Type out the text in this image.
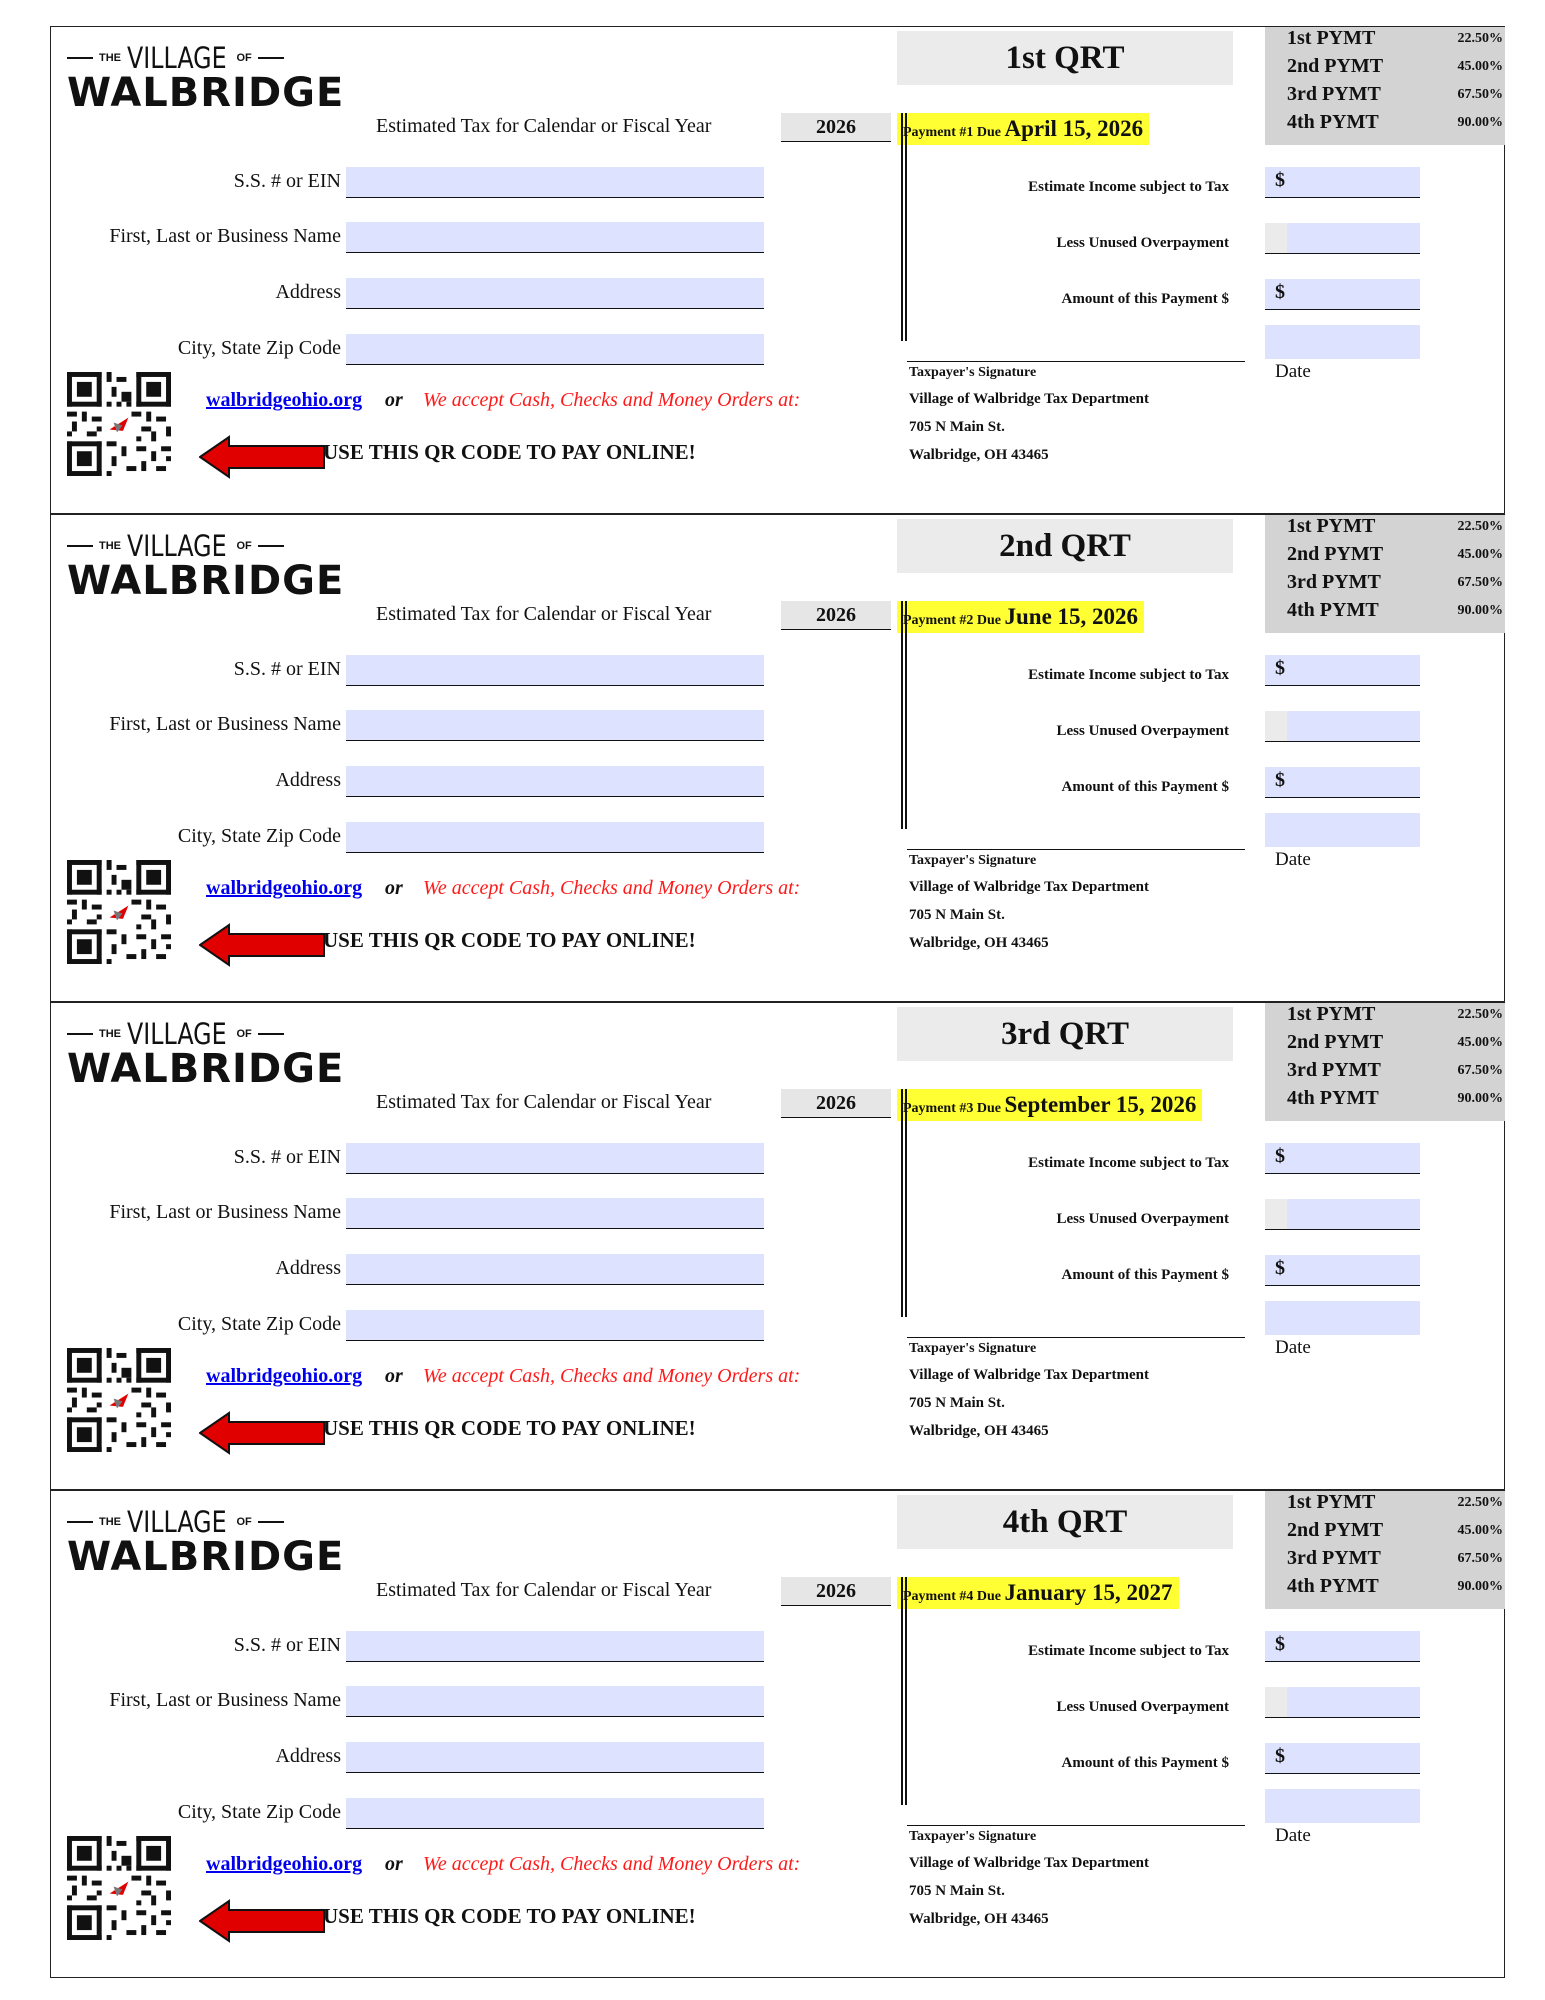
THE VILLAGE OF
WALBRIDGE
Estimated Tax for Calendar or Fiscal Year	2026
S.S. # or EIN
First, Last or Business Name
Address
City, State Zip Code
1st QRT
Payment #1 Due April 15, 2026
1st PYMT	22.50%
2nd PYMT	45.00%
3rd PYMT	67.50%
4th PYMT	90.00%
Estimate Income subject to Tax $
Less Unused Overpayment
Amount of this Payment $ $
Taxpayer's Signature	Date
Village of Walbridge Tax Department
705 N Main St.
Walbridge, OH 43465
walbridgeohio.org or We accept Cash, Checks and Money Orders at:
USE THIS QR CODE TO PAY ONLINE!
THE VILLAGE OF
WALBRIDGE
Estimated Tax for Calendar or Fiscal Year	2026
S.S. # or EIN
First, Last or Business Name
Address
City, State Zip Code
2nd QRT
Payment #2 Due June 15, 2026
1st PYMT	22.50%
2nd PYMT	45.00%
3rd PYMT	67.50%
4th PYMT	90.00%
Estimate Income subject to Tax $
Less Unused Overpayment
Amount of this Payment $ $
Taxpayer's Signature	Date
Village of Walbridge Tax Department
705 N Main St.
Walbridge, OH 43465
walbridgeohio.org or We accept Cash, Checks and Money Orders at:
USE THIS QR CODE TO PAY ONLINE!
THE VILLAGE OF
WALBRIDGE
Estimated Tax for Calendar or Fiscal Year	2026
S.S. # or EIN
First, Last or Business Name
Address
City, State Zip Code
3rd QRT
Payment #3 Due September 15, 2026
1st PYMT	22.50%
2nd PYMT	45.00%
3rd PYMT	67.50%
4th PYMT	90.00%
Estimate Income subject to Tax $
Less Unused Overpayment
Amount of this Payment $ $
Taxpayer's Signature	Date
Village of Walbridge Tax Department
705 N Main St.
Walbridge, OH 43465
walbridgeohio.org or We accept Cash, Checks and Money Orders at:
USE THIS QR CODE TO PAY ONLINE!
THE VILLAGE OF
WALBRIDGE
Estimated Tax for Calendar or Fiscal Year	2026
S.S. # or EIN
First, Last or Business Name
Address
City, State Zip Code
4th QRT
Payment #4 Due January 15, 2027
1st PYMT	22.50%
2nd PYMT	45.00%
3rd PYMT	67.50%
4th PYMT	90.00%
Estimate Income subject to Tax $
Less Unused Overpayment
Amount of this Payment $ $
Taxpayer's Signature	Date
Village of Walbridge Tax Department
705 N Main St.
Walbridge, OH 43465
walbridgeohio.org or We accept Cash, Checks and Money Orders at:
USE THIS QR CODE TO PAY ONLINE!
